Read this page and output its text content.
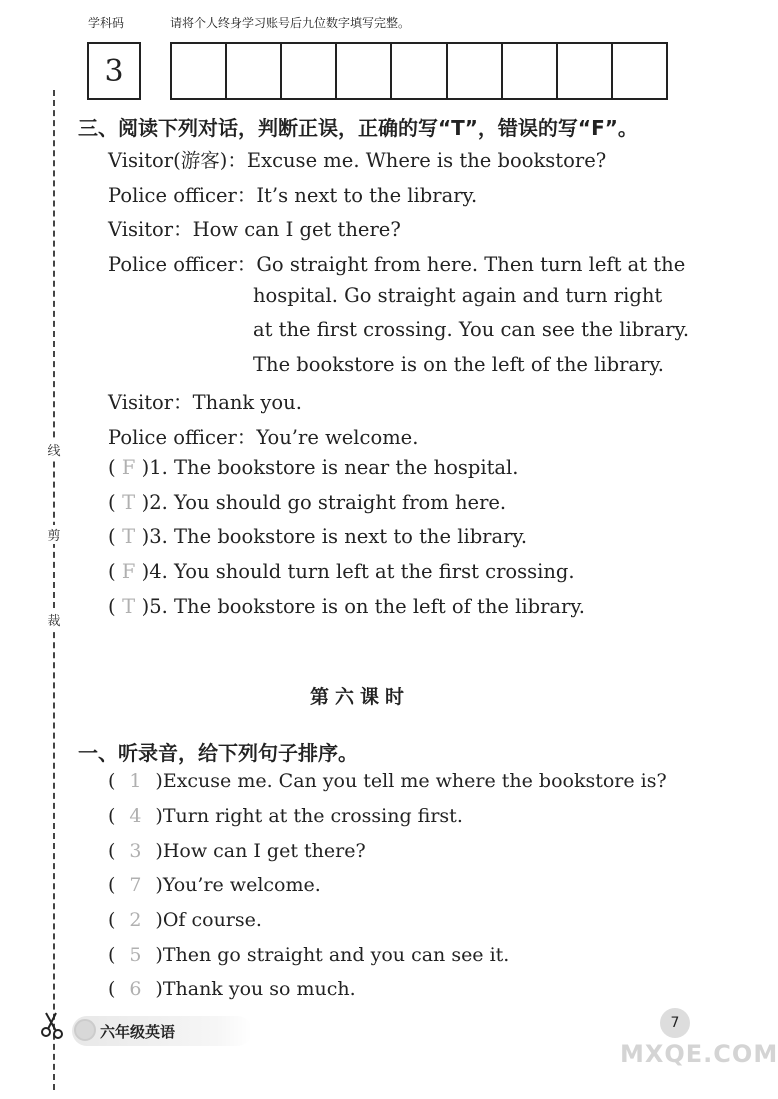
线
剪
裁
学科码	请将个人终身学习账号后九位数字填写完整。
3
三、阅读下列对话，判断正误，正确的写“T”，错误的写“F”。
Visitor(游客)：Excuse me. Where is the bookstore?
Police officer：It’s next to the library.
Visitor：How can I get there?
Police officer：Go straight from here. Then turn left at the
hospital. Go straight again and turn right
at the first crossing. You can see the library.
The bookstore is on the left of the library.
Visitor：Thank you.
Police officer：You’re welcome.
( F )1. The bookstore is near the hospital.
( T )2. You should go straight from here.
( T )3. The bookstore is next to the library.
( F )4. You should turn left at the first crossing.
( T )5. The bookstore is on the left of the library.
第六课时
一、听录音，给下列句子排序。
( 1 )Excuse me. Can you tell me where the bookstore is?
( 4 )Turn right at the crossing first.
( 3 )How can I get there?
( 7 )You’re welcome.
( 2 )Of course.
( 5 )Then go straight and you can see it.
( 6 )Thank you so much.
六年级英语	7
MXQE.COM
